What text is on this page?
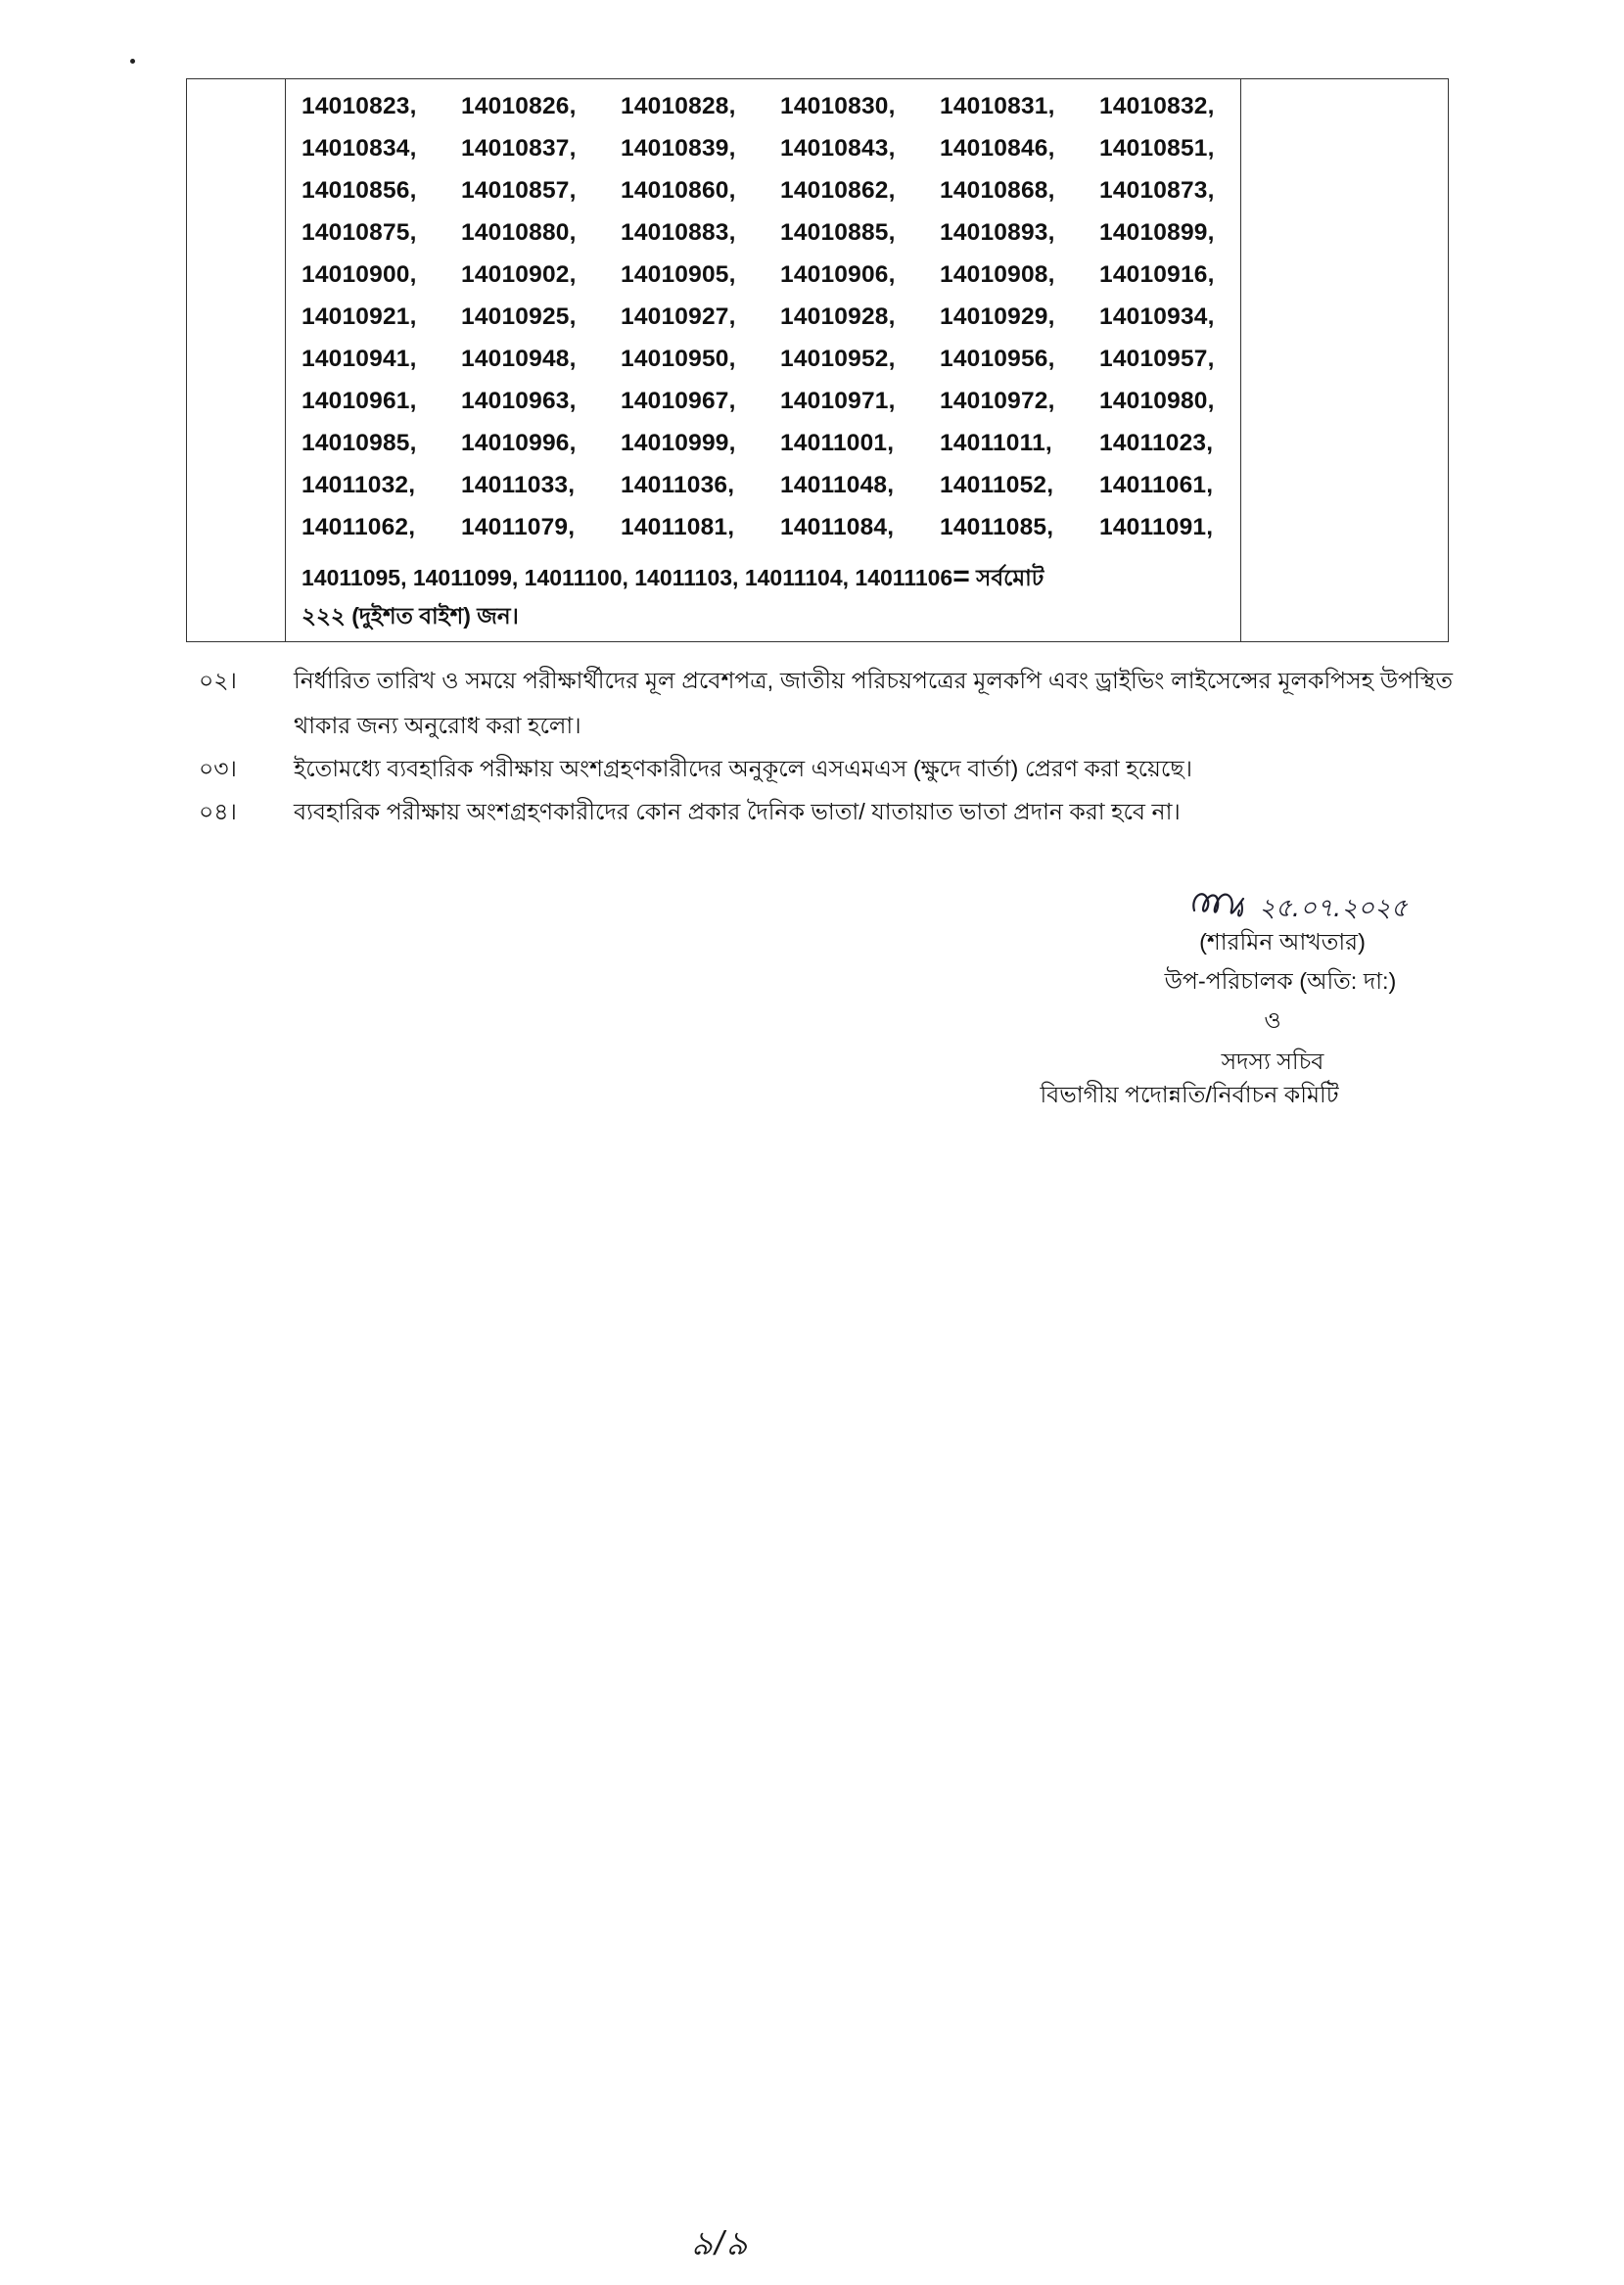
14010823,	14010826,	14010828,	14010830,	14010831,	14010832,
14010834,	14010837,	14010839,	14010843,	14010846,	14010851,
14010856,	14010857,	14010860,	14010862,	14010868,	14010873,
14010875,	14010880,	14010883,	14010885,	14010893,	14010899,
14010900,	14010902,	14010905,	14010906,	14010908,	14010916,
14010921,	14010925,	14010927,	14010928,	14010929,	14010934,
14010941,	14010948,	14010950,	14010952,	14010956,	14010957,
14010961,	14010963,	14010967,	14010971,	14010972,	14010980,
14010985,	14010996,	14010999,	14011001,	14011011,	14011023,
14011032,	14011033,	14011036,	14011048,	14011052,	14011061,
14011062,	14011079,	14011081,	14011084,	14011085,	14011091,
14011095, 14011099, 14011100, 14011103, 14011104, 14011106= সর্বমোট
২২২ (দুইশত বাইশ) জন।
০২। নির্ধারিত তারিখ ও সময়ে পরীক্ষার্থীদের মূল প্রবেশপত্র, জাতীয় পরিচয়পত্রের মূলকপি এবং ড্রাইভিং লাইসেন্সের মূলকপিসহ উপস্থিত থাকার জন্য অনুরোধ করা হলো।
০৩। ইতোমধ্যে ব্যবহারিক পরীক্ষায় অংশগ্রহণকারীদের অনুকূলে এসএমএস (ক্ষুদে বার্তা) প্রেরণ করা হয়েছে।
০৪। ব্যবহারিক পরীক্ষায় অংশগ্রহণকারীদের কোন প্রকার দৈনিক ভাতা/ যাতায়াত ভাতা প্রদান করা হবে না।
২৫.০৭.২০২৫
(শারমিন আখতার)
উপ-পরিচালক (অতি: দা:)
ও
সদস্য সচিব
বিভাগীয় পদোন্নতি/নির্বাচন কমিটি
৯/৯
